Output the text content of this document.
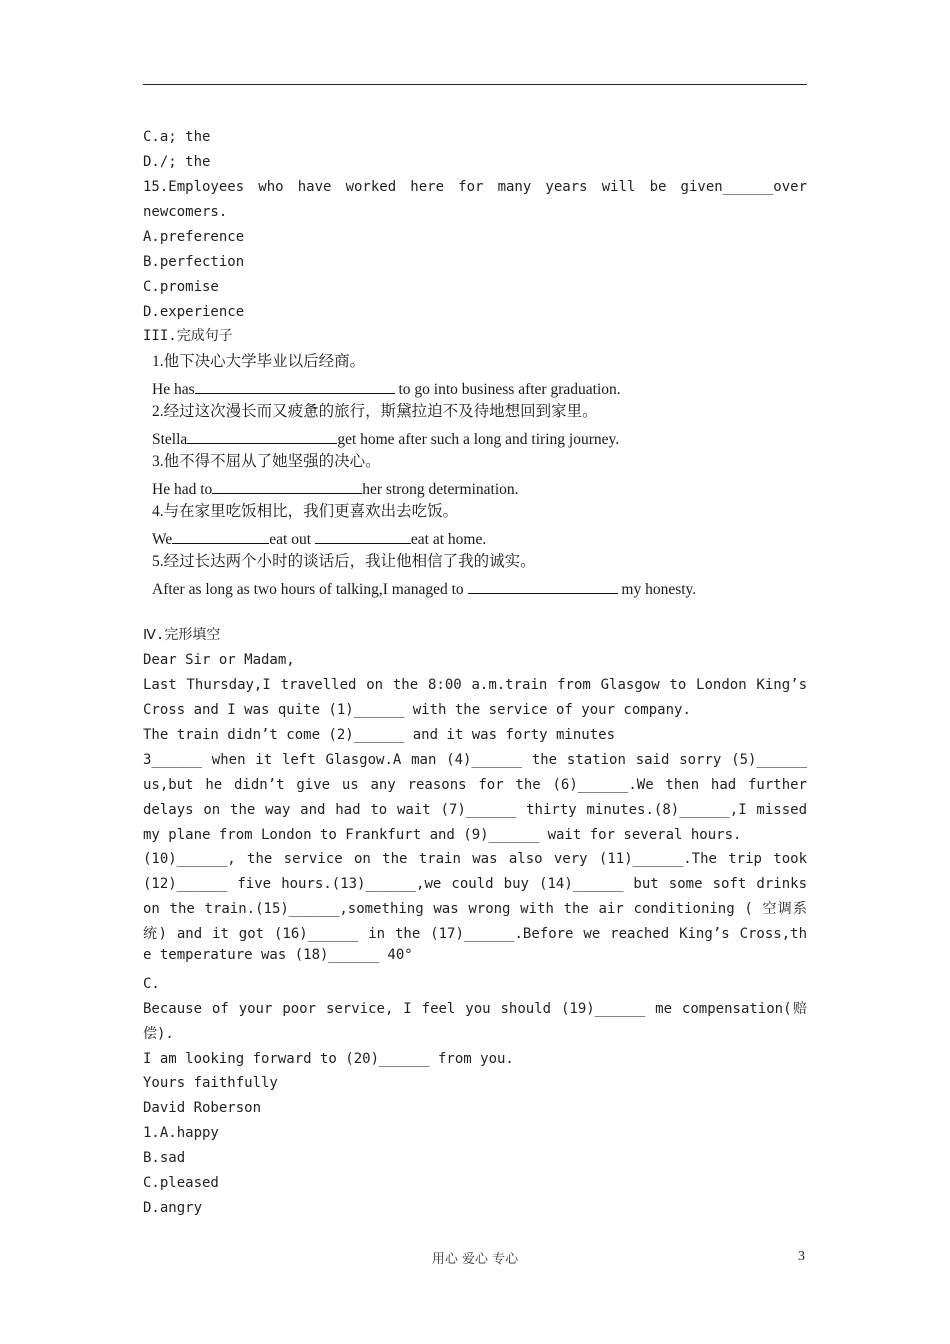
C.a; the
D./; the
15.Employees who have worked here for many years will be given______over
newcomers.
A.preference
B.perfection
C.promise
D.experience
III.完成句子
1.他下决心大学毕业以后经商。
He has	to go into business after graduation.
2.经过这次漫长而又疲惫的旅行，斯黛拉迫不及待地想回到家里。
Stella	get home after such a long and tiring journey.
3.他不得不屈从了她坚强的决心。
He had to	her strong determination.
4.与在家里吃饭相比，我们更喜欢出去吃饭。
We	eat out	eat at home.
5.经过长达两个小时的谈话后，我让他相信了我的诚实。
After as long as two hours of talking,I managed to	my honesty.
Ⅳ.完形填空
Dear Sir or Madam,
Last Thursday,I travelled on the 8:00 a.m.train from Glasgow to London King’s
Cross and I was quite (1)______ with the service of your company.
The train didn’t come (2)______ and it was forty minutes
3______ when it left Glasgow.A man (4)______ the station said sorry (5)______
us,but he didn’t give us any reasons for the (6)______.We then had further
delays on the way and had to wait (7)______ thirty minutes.(8)______,I missed
my plane from London to Frankfurt and (9)______ wait for several hours.
(10)______, the service on the train was also very (11)______.The trip took
(12)______ five hours.(13)______,we could buy (14)______ but some soft drinks
on the train.(15)______,something was wrong with the air conditioning ( 空调系
统) and it got (16)______ in the (17)______.Before we reached King’s Cross,th
e temperature was (18)______ 40°
C.
Because of your poor service, I feel you should (19)______ me compensation(赔
偿).
I am looking forward to (20)______ from you.
Yours faithfully
David Roberson
1.A.happy
B.sad
C.pleased
D.angry
用心 爱心 专心	3
